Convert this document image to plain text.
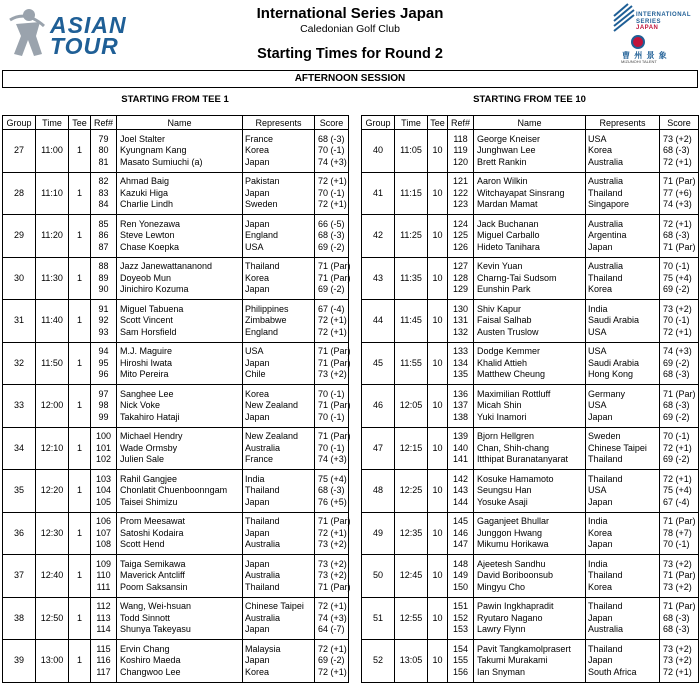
ASIAN
TOUR
International Series Japan
Caledonian Golf Club
Starting Times for Round 2
INTERNATIONAL
SERIES
JAPAN
曹 州 景 象
MIZUNOHI TALENT
AFTERNOON SESSION
STARTING FROM TEE 1	STARTING FROM TEE 10
Group	Time	Tee	Ref#	Name	Represents	Score
27	11:00	1	79
80
81	Joel Stalter
Kyungnam Kang
Masato Sumiuchi (a)	France
Korea
Japan	68 (-3)
70 (-1)
74 (+3)

28	11:10	1	82
83
84	Ahmad Baig
Kazuki Higa
Charlie Lindh	Pakistan
Japan
Sweden	72 (+1)
70 (-1)
72 (+1)

29	11:20	1	85
86
87	Ren Yonezawa
Steve Lewton
Chase Koepka	Japan
England
USA	66 (-5)
68 (-3)
69 (-2)

30	11:30	1	88
89
90	Jazz Janewattananond
Doyeob Mun
Jinichiro Kozuma	Thailand
Korea
Japan	71 (Par)
71 (Par)
69 (-2)

31	11:40	1	91
92
93	Miguel Tabuena
Scott Vincent
Sam Horsfield	Philippines
Zimbabwe
England	67 (-4)
72 (+1)
72 (+1)

32	11:50	1	94
95
96	M.J. Maguire
Hiroshi Iwata
Mito Pereira	USA
Japan
Chile	71 (Par)
71 (Par)
73 (+2)

33	12:00	1	97
98
99	Sanghee Lee
Nick Voke
Takahiro Hataji	Korea
New Zealand
Japan	70 (-1)
71 (Par)
70 (-1)

34	12:10	1	100
101
102	Michael Hendry
Wade Ormsby
Julien Sale	New Zealand
Australia
France	71 (Par)
70 (-1)
74 (+3)

35	12:20	1	103
104
105	Rahil Gangjee
Chonlatit Chuenboonngam
Taisei Shimizu	India
Thailand
Japan	75 (+4)
68 (-3)
76 (+5)

36	12:30	1	106
107
108	Prom Meesawat
Satoshi Kodaira
Scott Hend	Thailand
Japan
Australia	71 (Par)
72 (+1)
73 (+2)

37	12:40	1	109
110
111	Taiga Semikawa
Maverick Antcliff
Poom Saksansin	Japan
Australia
Thailand	73 (+2)
73 (+2)
71 (Par)

38	12:50	1	112
113
114	Wang, Wei-hsuan
Todd Sinnott
Shunya Takeyasu	Chinese Taipei
Australia
Japan	72 (+1)
74 (+3)
64 (-7)

39	13:00	1	115
116
117	Ervin Chang
Koshiro Maeda
Changwoo Lee	Malaysia
Japan
Korea	72 (+1)
69 (-2)
72 (+1)
Group	Time	Tee	Ref#	Name	Represents	Score
40	11:05	10	118
119
120	George Kneiser
Junghwan Lee
Brett Rankin	USA
Korea
Australia	73 (+2)
68 (-3)
72 (+1)

41	11:15	10	121
122
123	Aaron Wilkin
Witchayapat Sinsrang
Mardan Mamat	Australia
Thailand
Singapore	71 (Par)
77 (+6)
74 (+3)

42	11:25	10	124
125
126	Jack Buchanan
Miguel Carballo
Hideto Tanihara	Australia
Argentina
Japan	72 (+1)
68 (-3)
71 (Par)

43	11:35	10	127
128
129	Kevin Yuan
Charng-Tai Sudsom
Eunshin Park	Australia
Thailand
Korea	70 (-1)
75 (+4)
69 (-2)

44	11:45	10	130
131
132	Shiv Kapur
Faisal Salhab
Austen Truslow	India
Saudi Arabia
USA	73 (+2)
70 (-1)
72 (+1)

45	11:55	10	133
134
135	Dodge Kemmer
Khalid Attieh
Matthew Cheung	USA
Saudi Arabia
Hong Kong	74 (+3)
69 (-2)
68 (-3)

46	12:05	10	136
137
138	Maximilian Rottluff
Micah Shin
Yuki Inamori	Germany
USA
Japan	71 (Par)
68 (-3)
69 (-2)

47	12:15	10	139
140
141	Bjorn Hellgren
Chan, Shih-chang
Itthipat Buranatanyarat	Sweden
Chinese Taipei
Thailand	70 (-1)
72 (+1)
69 (-2)

48	12:25	10	142
143
144	Kosuke Hamamoto
Seungsu Han
Yosuke Asaji	Thailand
USA
Japan	72 (+1)
75 (+4)
67 (-4)

49	12:35	10	145
146
147	Gaganjeet Bhullar
Junggon Hwang
Mikumu Horikawa	India
Korea
Japan	71 (Par)
78 (+7)
70 (-1)

50	12:45	10	148
149
150	Ajeetesh Sandhu
David Boriboonsub
Mingyu Cho	India
Thailand
Korea	73 (+2)
71 (Par)
73 (+2)

51	12:55	10	151
152
153	Pawin Ingkhapradit
Ryutaro Nagano
Lawry Flynn	Thailand
Japan
Australia	71 (Par)
68 (-3)
68 (-3)

52	13:05	10	154
155
156	Pavit Tangkamolprasert
Takumi Murakami
Ian Snyman	Thailand
Japan
South Africa	73 (+2)
73 (+2)
72 (+1)
